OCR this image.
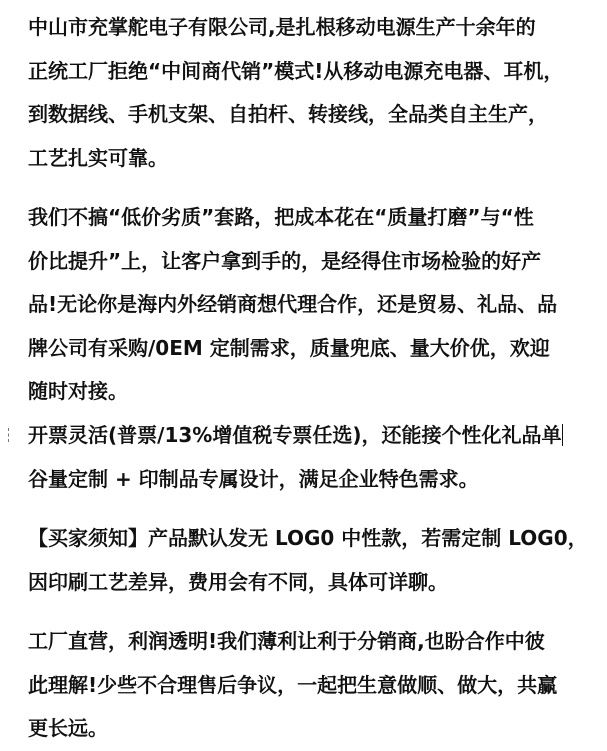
中山市充掌舵电子有限公司,是扎根移动电源生产十余年的
正统工厂拒绝“中间商代销”模式!从移动电源充电器、耳机，
到数据线、手机支架、自拍杆、转接线，全品类自主生产，
工艺扎实可靠。

我们不搞“低价劣质”套路，把成本花在“质量打磨”与“性
价比提升”上，让客户拿到手的，是经得住市场检验的好产
品!无论你是海内外经销商想代理合作，还是贸易、礼品、品
牌公司有采购/0EM 定制需求，质量兜底、量大价优，欢迎
随时对接。

开票灵活(普票/13%增值税专票任选)，还能接个性化礼品单
谷量定制 + 印制品专属设计，满足企业特色需求。

【买家须知】产品默认发无 LOG0 中性款，若需定制 LOG0，
因印刷工艺差异，费用会有不同，具体可详聊。

工厂直营，利润透明!我们薄利让利于分销商,也盼合作中彼
此理解!少些不合理售后争议，一起把生意做顺、做大，共赢
更长远。
